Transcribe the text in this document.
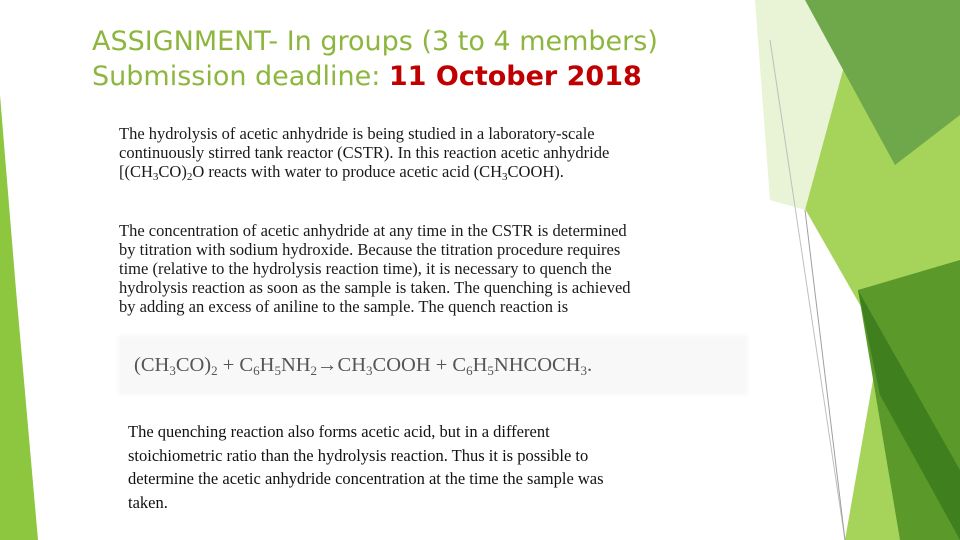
ASSIGNMENT- In groups (3 to 4 members)
Submission deadline: 11 October 2018
The hydrolysis of acetic anhydride is being studied in a laboratory-scale
continuously stirred tank reactor (CSTR). In this reaction acetic anhydride
[$(CH_3CO)_2O$ reacts with water to produce acetic acid $(CH_3COOH)$.
The concentration of acetic anhydride at any time in the CSTR is determined
by titration with sodium hydroxide. Because the titration procedure requires
time (relative to the hydrolysis reaction time), it is necessary to quench the
hydrolysis reaction as soon as the sample is taken. The quenching is achieved
by adding an excess of aniline to the sample. The quench reaction is
$(CH_3CO)_2$ + $C_6H_5NH_2\to CH_3COOH$ + $C_6H_5NHCOCH_3$.
The quenching reaction also forms acetic acid, but in a different
stoichiometric ratio than the hydrolysis reaction. Thus it is possible to
determine the acetic anhydride concentration at the time the sample was
taken.
